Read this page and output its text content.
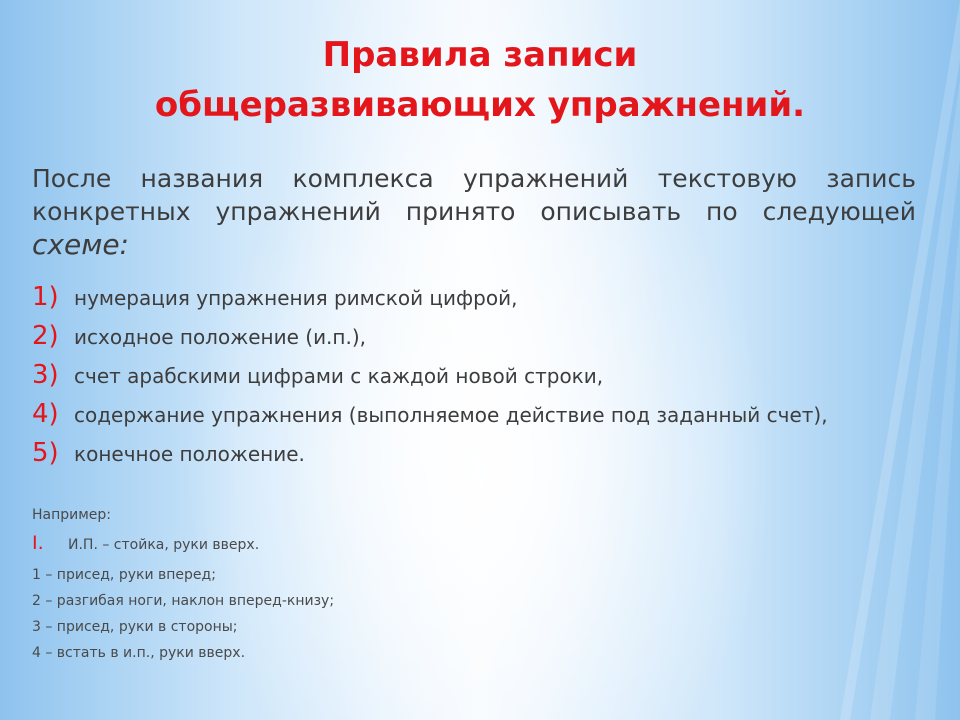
Правила записи
общеразвивающих упражнений.
После названия комплекса упражнений текстовую запись конкретных упражнений принято описывать по следующей схеме:
1) нумерация упражнения римской цифрой,
2) исходное положение (и.п.),
3) счет арабскими цифрами с каждой новой строки,
4) содержание упражнения (выполняемое действие под заданный счет),
5) конечное положение.
Например:
I.	И.П. – стойка, руки вверх.
1 – присед, руки вперед;
2 – разгибая ноги, наклон вперед-книзу;
3 – присед, руки в стороны;
4 – встать в и.п., руки вверх.
